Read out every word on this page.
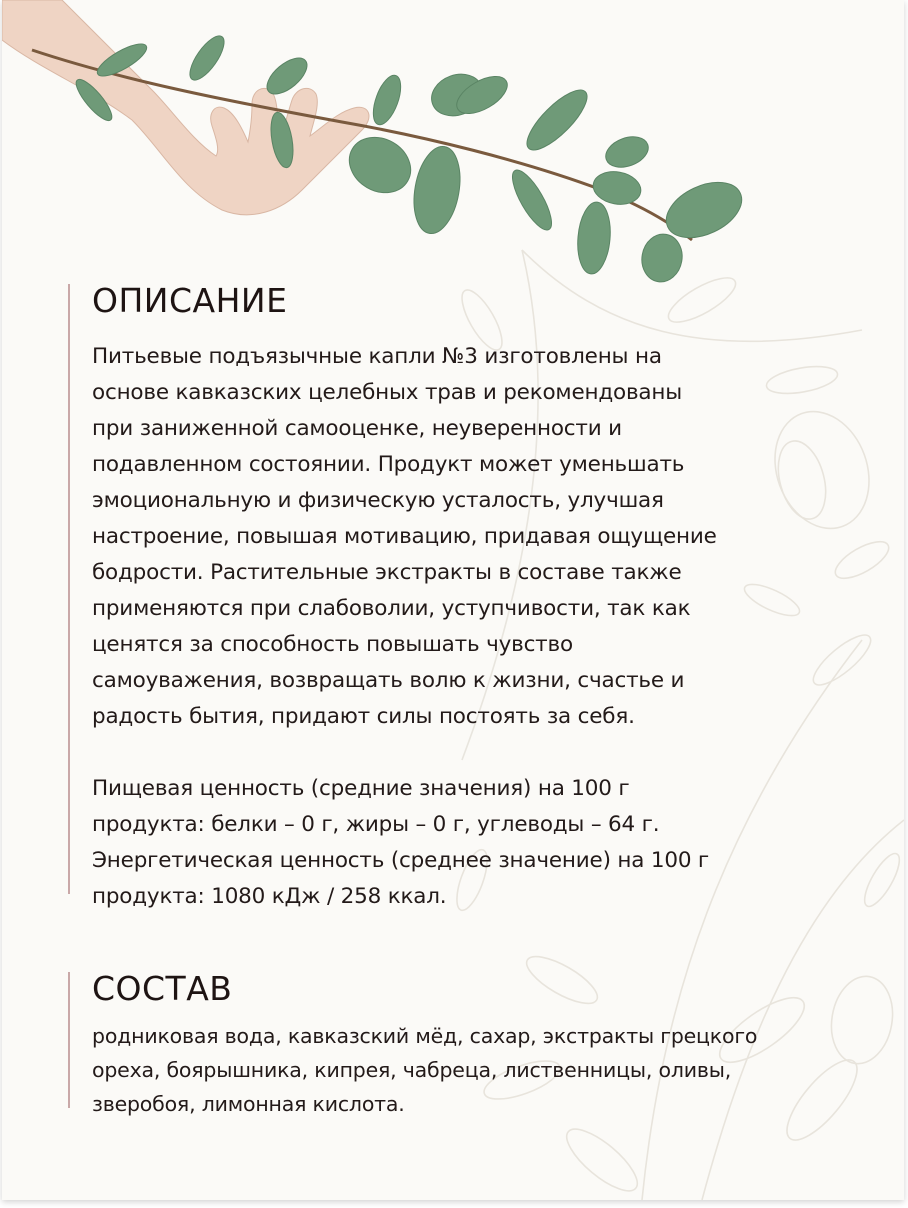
ОПИСАНИЕ

Питьевые подъязычные капли №3 изготовлены на
основе кавказских целебных трав и рекомендованы
при заниженной самооценке, неуверенности и
подавленном состоянии. Продукт может уменьшать
эмоциональную и физическую усталость, улучшая
настроение, повышая мотивацию, придавая ощущение
бодрости. Растительные экстракты в составе также
применяются при слабоволии, уступчивости, так как
ценятся за способность повышать чувство
самоуважения, возвращать волю к жизни, счастье и
радость бытия, придают силы постоять за себя.

Пищевая ценность (средние значения) на 100 г
продукта: белки – 0 г, жиры – 0 г, углеводы – 64 г.
Энергетическая ценность (среднее значение) на 100 г
продукта: 1080 кДж / 258 ккал.

СОСТАВ

родниковая вода, кавказский мёд, сахар, экстракты грецкого
ореха, боярышника, кипрея, чабреца, лиственницы, оливы,
зверобоя, лимонная кислота.
